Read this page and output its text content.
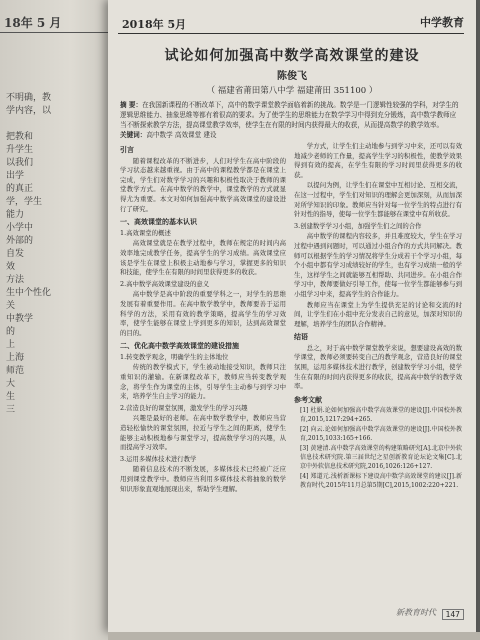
18年 5 月
不明确，教
学内容，以

把教和
升学生
以我们
出学
的真正
学，学生
能力
小学中
外部的
自发
效
方法
生中个性化
关
中教学
的
上
上海
师范
大
生
三
2018年 5月	中学教育
试论如何加强高中数学高效课堂的建设
陈俊飞
（ 福建省莆田第八中学 福建莆田 351100 ）

摘 要：在我国新课程的不断改革下，高中的数学课堂教学面临着新的挑战。数学是一门逻辑性较强的学科，对学生的逻辑思维能力、抽象思维等都有着很高的要求。为了使学生的思维能力在数学学习中得到充分锻炼，高中数学教师应当不断探索教学方法，提高课堂教学效率，使学生在有限的时间内获得最大的收获，从而提高数学的教学效率。

关键词：高中数学 高效课堂 建设

引言

随着课程改革的不断进步，人们对学生在高中阶段的学习状态越来越重视。由于高中的课程教学都是在课堂上完成，学生们对数学学习的兴趣和积极性取决于教师的课堂教学方式。在高中数学的教学中，课堂教学的方式就显得尤为重要。本文对如何加强高中数学高效课堂的建设进行了研究。

一、高效课堂的基本认识

1.高效课堂的概述

高效课堂就是在教学过程中，教师在规定的时间内高效率地完成教学任务，提高学生的学习成绩。高效课堂应该是学生在课堂上积极主动地参与学习，掌握更多的知识和技能，使学生在有限的时间里获得更多的收获。

2.高中数学高效课堂建设的意义

高中数学是高中阶段的重要学科之一，对学生的思维发展有着重要作用。在高中数学教学中，教师要善于运用科学的方法，采用有效的教学策略，提高学生的学习效率，使学生能够在课堂上学到更多的知识，达到高效课堂的目的。

二、优化高中数学高效课堂的建设措施

1.转变教学观念，明确学生的主体地位

传统的教学模式下，学生被动地接受知识，教师只注重知识的灌输。在新课程改革下，教师应当转变教学观念，将学生作为课堂的主体，引导学生主动参与到学习中来，培养学生自主学习的能力。

2.营造良好的课堂氛围，激发学生的学习兴趣

兴趣是最好的老师。在高中数学教学中，教师应当营造轻松愉快的课堂氛围，拉近与学生之间的距离，使学生能够主动积极地参与课堂学习，提高数学学习的兴趣，从而提高学习效率。

3.运用多媒体技术进行教学

随着信息技术的不断发展，多媒体技术已经被广泛应用到课堂教学中。教师应当利用多媒体技术将抽象的数学知识形象直观地展现出来，帮助学生理解。

学方式，让学生们主动地参与到学习中来，还可以有效地减少老师的工作量，提高学生学习的积极性，使教学效果得到有效的提高，在学生有限的学习时间里获得更多的收获。

以提问为例，让学生们在课堂中互相讨论、互相交流，在这一过程中，学生们对知识的理解会更加深刻，从而加深对所学知识的印象。教师应当针对每一位学生的特点进行有针对性的指导，使每一位学生都能够在课堂中有所收获。

3.创建数学学习小组，加强学生们之间的合作

高中数学的课程内容较多，并且难度较大，学生在学习过程中遇到问题时，可以通过小组合作的方式共同解决。教师可以根据学生的学习情况将学生分成若干个学习小组，每个小组中都有学习成绩较好的学生，也有学习成绩一般的学生，这样学生之间就能够互相帮助、共同进步。在小组合作学习中，教师要做好引导工作，使每一位学生都能够参与到小组学习中来，提高学生的合作能力。

教师应当在课堂上为学生提供充足的讨论和交流的时间，让学生们在小组中充分发表自己的意见，加深对知识的理解，培养学生的团队合作精神。

结语

总之，对于高中数学课堂教学来说，想要建设高效的数学课堂，教师必须要转变自己的教学观念，营造良好的课堂氛围，运用多媒体技术进行教学，创建数学学习小组，使学生在有限的时间内获得更多的收获，提高高中数学的教学效率。

参考文献

[1] 杜娟.论如何加强高中数学高效课堂的建设[J].中国校外教育,2015,1217:294+265.

[2] 向云.论如何加强高中数学高效课堂的建设[J].中国校外教育,2015,1033:165+166.

[3] 黄建清.高中数学高效课堂的构建策略研究[A].北京中外软信息技术研究院.第三届世纪之星创新教育论坛论文集[C].北京中外软信息技术研究院,2016,1026:126+127.

[4] 郑道元.浅析新课标下建设高中数学高效课堂的建议[J].新教育时代,2015年11月总第5期[C],2015,1002:220+221.

新教育时代	147
